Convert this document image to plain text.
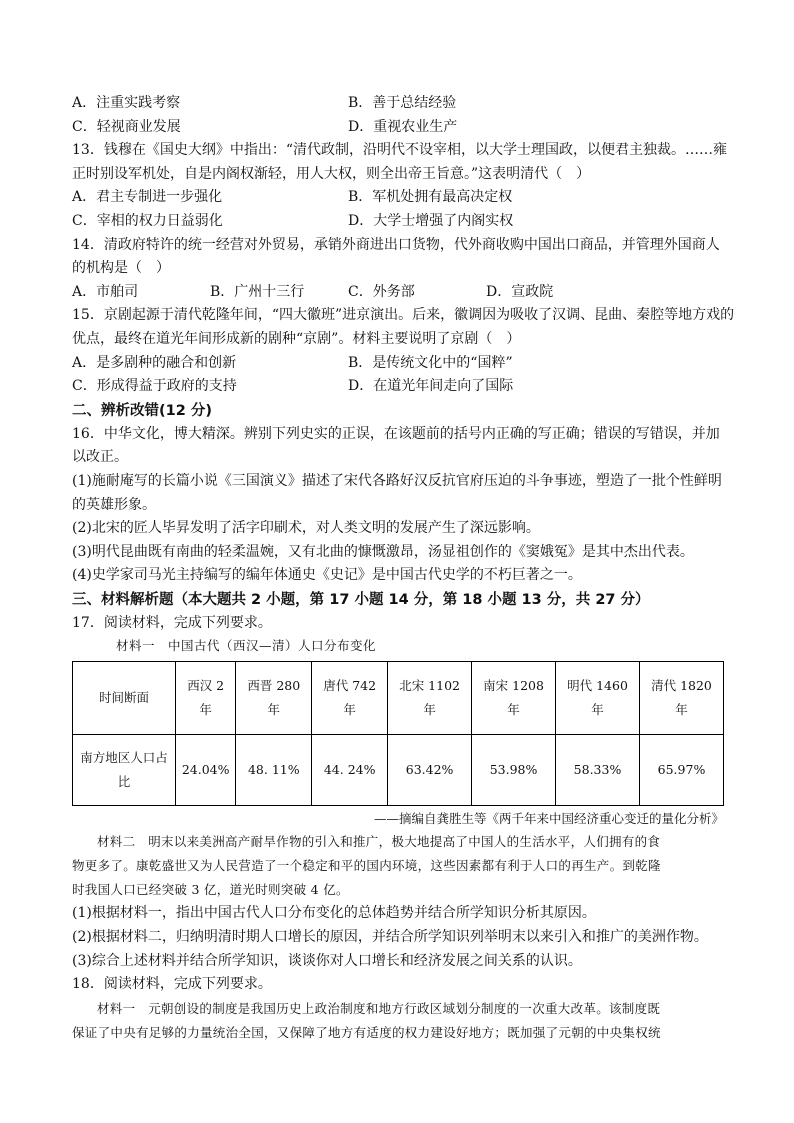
A．注重实践考察	B．善于总结经验
C．轻视商业发展	D．重视农业生产
13．钱穆在《国史大纲》中指出：“清代政制，沿明代不设宰相，以大学士理国政，以便君主独裁。……雍
正时别设军机处，自是内阁权渐轻，用人大权，则全出帝王旨意。”这表明清代（　）
A．君主专制进一步强化	B．军机处拥有最高决定权
C．宰相的权力日益弱化	D．大学士增强了内阁实权
14．清政府特许的统一经营对外贸易，承销外商进出口货物，代外商收购中国出口商品，并管理外国商人
的机构是（　）
A．市舶司	B．广州十三行	C．外务部	D．宣政院
15．京剧起源于清代乾隆年间，“四大徽班”进京演出。后来，徽调因为吸收了汉调、昆曲、秦腔等地方戏的
优点，最终在道光年间形成新的剧种“京剧”。材料主要说明了京剧（　）
A．是多剧种的融合和创新	B．是传统文化中的“国粹”
C．形成得益于政府的支持	D．在道光年间走向了国际
二、辨析改错(12 分)
16．中华文化，博大精深。辨别下列史实的正误，在该题前的括号内正确的写正确；错误的写错误，并加
以改正。
(1)施耐庵写的长篇小说《三国演义》描述了宋代各路好汉反抗官府压迫的斗争事迹，塑造了一批个性鲜明
的英雄形象。
(2)北宋的匠人毕昇发明了活字印刷术，对人类文明的发展产生了深远影响。
(3)明代昆曲既有南曲的轻柔温婉，又有北曲的慷慨激昂，汤显祖创作的《窦娥冤》是其中杰出代表。
(4)史学家司马光主持编写的编年体通史《史记》是中国古代史学的不朽巨著之一。
三、材料解析题（本大题共 2 小题，第 17 小题 14 分，第 18 小题 13 分，共 27 分）
17．阅读材料，完成下列要求。
材料一　中国古代（西汉—清）人口分布变化
时间断面	西汉 2 年	西晋 280 年	唐代 742 年	北宋 1102 年	南宋 1208 年	明代 1460 年	清代 1820 年
南方地区人口占比	24.04%	48. 11%	44. 24%	63.42%	53.98%	58.33%	65.97%
——摘编自龚胜生等《两千年来中国经济重心变迁的量化分析》
材料二　明末以来美洲高产耐旱作物的引入和推广，极大地提高了中国人的生活水平，人们拥有的食
物更多了。康乾盛世又为人民营造了一个稳定和平的国内环境，这些因素都有利于人口的再生产。到乾隆
时我国人口已经突破 3 亿，道光时则突破 4 亿。
(1)根据材料一，指出中国古代人口分布变化的总体趋势并结合所学知识分析其原因。
(2)根据材料二，归纳明清时期人口增长的原因，并结合所学知识列举明末以来引入和推广的美洲作物。
(3)综合上述材料并结合所学知识，谈谈你对人口增长和经济发展之间关系的认识。
18．阅读材料，完成下列要求。
材料一　元朝创设的制度是我国历史上政治制度和地方行政区域划分制度的一次重大改革。该制度既
保证了中央有足够的力量统治全国，又保障了地方有适度的权力建设好地方；既加强了元朝的中央集权统
